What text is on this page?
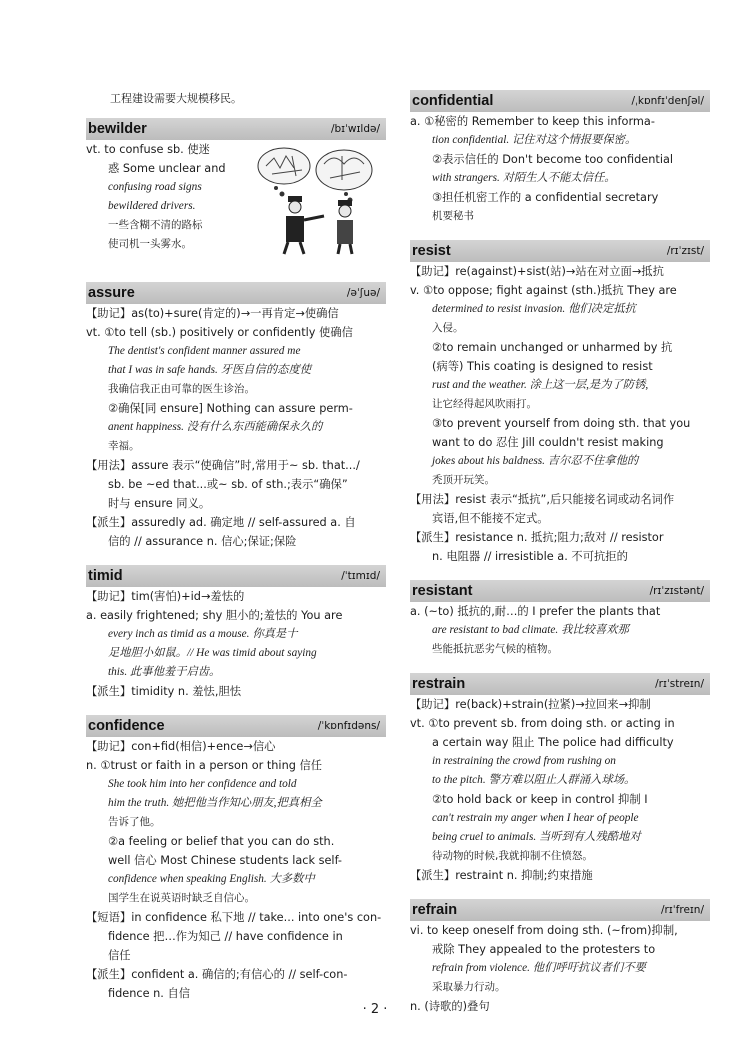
工程建设需要大规模移民。
bewilder	/bɪˈwɪldə/

vt. to confuse sb. 使迷

惑 Some unclear and

confusing road signs

bewildered drivers.

一些含糊不清的路标

使司机一头雾水。

assure	/əˈʃuə/

【助记】as(to)+sure(肯定的)→一再肯定→使确信

vt. ①to tell (sb.) positively or confidently 使确信

The dentist's confident manner assured me

that I was in safe hands. 牙医自信的态度使

我确信我正由可靠的医生诊治。

②确保[同 ensure] Nothing can assure perm-

anent happiness. 没有什么东西能确保永久的

幸福。

【用法】assure 表示“使确信”时,常用于~ sb. that.../

sb. be ~ed that...或~ sb. of sth.;表示“确保”

时与 ensure 同义。

【派生】assuredly ad. 确定地 // self-assured a. 自

信的 // assurance n. 信心;保证;保险

timid	/ˈtɪmɪd/

【助记】tim(害怕)+id→羞怯的

a. easily frightened; shy 胆小的;羞怯的 You are

every inch as timid as a mouse. 你真是十

足地胆小如鼠。// He was timid about saying

this. 此事他羞于启齿。

【派生】timidity n. 羞怯,胆怯

confidence	/ˈkɒnfɪdəns/

【助记】con+fid(相信)+ence→信心

n. ①trust or faith in a person or thing 信任

She took him into her confidence and told

him the truth. 她把他当作知心朋友,把真相全

告诉了他。

②a feeling or belief that you can do sth.

well 信心 Most Chinese students lack self-

confidence when speaking English. 大多数中

国学生在说英语时缺乏自信心。

【短语】in confidence 私下地 // take... into one's con-

fidence 把…作为知己 // have confidence in

信任

【派生】confident a. 确信的;有信心的 // self-con-

fidence n. 自信

confidential	/ˌkɒnfɪˈdenʃəl/

a. ①秘密的 Remember to keep this informa-

tion confidential. 记住对这个情报要保密。

②表示信任的 Don't become too confidential

with strangers. 对陌生人不能太信任。

③担任机密工作的 a confidential secretary

机要秘书

resist	/rɪˈzɪst/

【助记】re(against)+sist(站)→站在对立面→抵抗

v. ①to oppose; fight against (sth.)抵抗 They are

determined to resist invasion. 他们决定抵抗

入侵。

②to remain unchanged or unharmed by 抗

(病等) This coating is designed to resist

rust and the weather. 涂上这一层,是为了防锈,

让它经得起风吹雨打。

③to prevent yourself from doing sth. that you

want to do 忍住 Jill couldn't resist making

jokes about his baldness. 吉尔忍不住拿他的

秃顶开玩笑。

【用法】resist 表示“抵抗”,后只能接名词或动名词作

宾语,但不能接不定式。

【派生】resistance n. 抵抗;阻力;敌对 // resistor

n. 电阻器 // irresistible a. 不可抗拒的

resistant	/rɪˈzɪstənt/

a. (~to) 抵抗的,耐…的 I prefer the plants that

are resistant to bad climate. 我比较喜欢那

些能抵抗恶劣气候的植物。

restrain	/rɪˈstreɪn/

【助记】re(back)+strain(拉紧)→拉回来→抑制

vt. ①to prevent sb. from doing sth. or acting in

a certain way 阻止 The police had difficulty

in restraining the crowd from rushing on

to the pitch. 警方难以阻止人群涌入球场。

②to hold back or keep in control 抑制 I

can't restrain my anger when I hear of people

being cruel to animals. 当听到有人残酷地对

待动物的时候,我就抑制不住愤怒。

【派生】restraint n. 抑制;约束措施

refrain	/rɪˈfreɪn/

vi. to keep oneself from doing sth. (~from)抑制,

戒除 They appealed to the protesters to

refrain from violence. 他们呼吁抗议者们不要

采取暴力行动。

n. (诗歌的)叠句

· 2 ·
